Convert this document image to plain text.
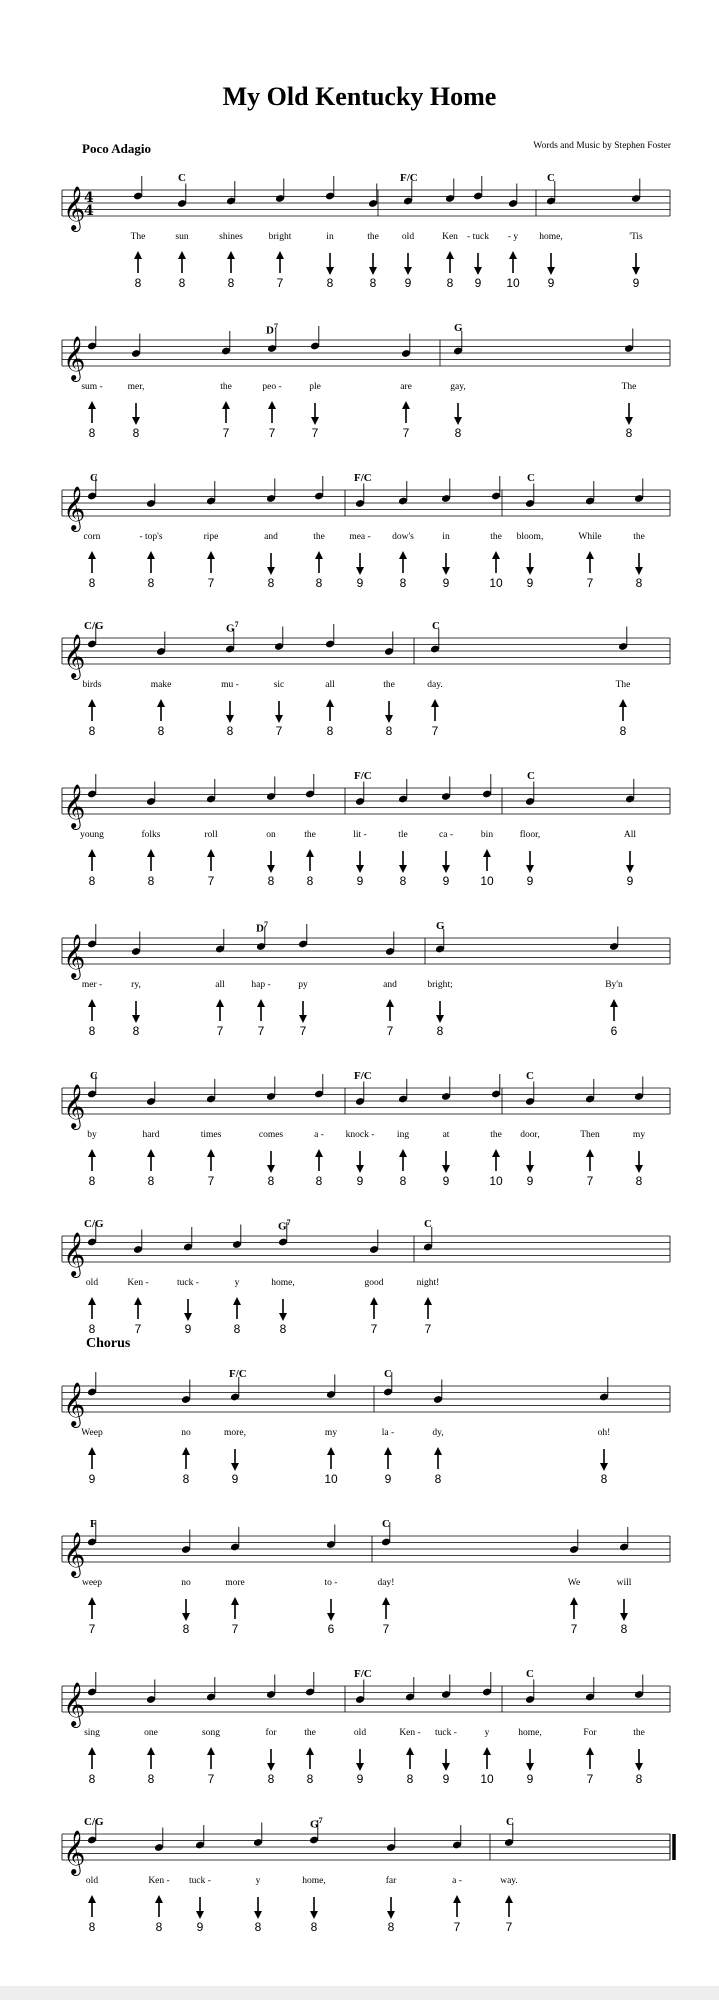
My Old Kentucky Home
Poco Adagio	Words and Music by Stephen Foster
Chorus
𝄞
4
4
C	F/C	C
The
8
sun
8
shines
8
bright
7
in
8
the
8
old
9
Ken
8
- tuck
9
- y
10
home,
9
'Tis
9
𝄞
$D^7$	G
sum -
8
mer,
8
the
7
peo -
7
ple
7
are
7
gay,
8
The
8
𝄞
C	F/C	C
corn
8
- top's
8
ripe
7
and
8
the
8
mea -
9
dow's
8
in
9
the
10
bloom,
9
While
7
the
8
𝄞
C/G	$G^7$	C
birds
8
make
8
mu -
8
sic
7
all
8
the
8
day.
7
The
8
𝄞
F/C	C
young
8
folks
8
roll
7
on
8
the
8
lit -
9
tle
8
ca -
9
bin
10
floor,
9
All
9
𝄞
$D^7$	G
mer -
8
ry,
8
all
7
hap -
7
py
7
and
7
bright;
8
By'n
6
𝄞
C	F/C	C
by
8
hard
8
times
7
comes
8
a -
8
knock -
9
ing
8
at
9
the
10
door,
9
Then
7
my
8
𝄞
C/G	$G^7$	C
old
8
Ken -
7
tuck -
9
y
8
home,
8
good
7
night!
7
𝄞
F/C	C
Weep
9
no
8
more,
9
my
10
la -
9
dy,
8
oh!
8
𝄞
F	C
weep
7
no
8
more
7
to -
6
day!
7
We
7
will
8
𝄞
F/C	C
sing
8
one
8
song
7
for
8
the
8
old
9
Ken -
8
tuck -
9
y
10
home,
9
For
7
the
8
𝄞
C/G	$G^7$	C
old
8
Ken -
8
tuck -
9
y
8
home,
8
far
8
a -
7
way.
7
